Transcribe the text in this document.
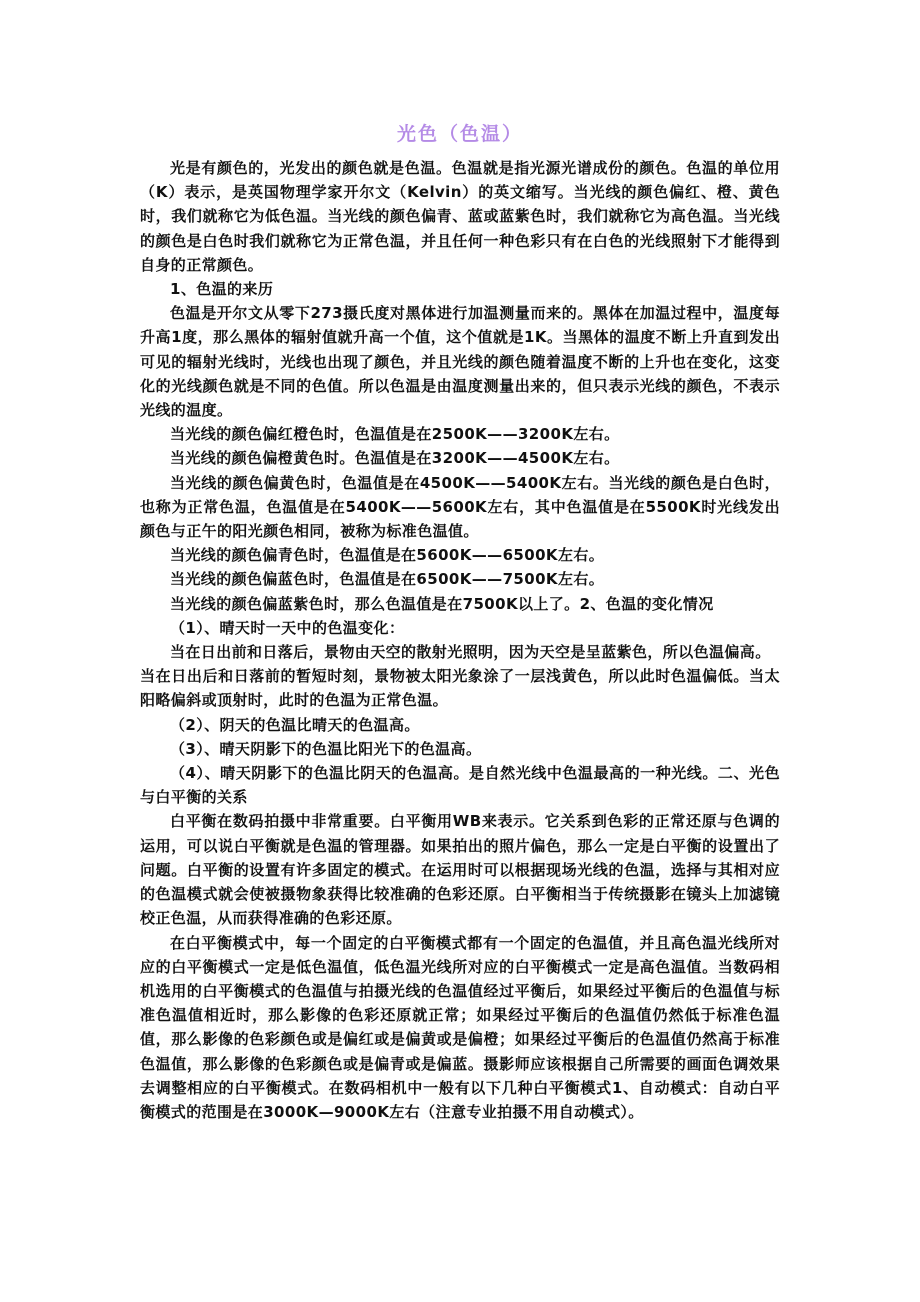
光色（色温）

光是有颜色的，光发出的颜色就是色温。色温就是指光源光谱成份的颜色。色温的单位用（K）表示，是英国物理学家开尔文（Kelvin）的英文缩写。当光线的颜色偏红、橙、黄色时，我们就称它为低色温。当光线的颜色偏青、蓝或蓝紫色时，我们就称它为高色温。当光线的颜色是白色时我们就称它为正常色温，并且任何一种色彩只有在白色的光线照射下才能得到自身的正常颜色。

1、色温的来历

色温是开尔文从零下273摄氏度对黑体进行加温测量而来的。黑体在加温过程中，温度每升高1度，那么黑体的辐射值就升高一个值，这个值就是1K。当黑体的温度不断上升直到发出可见的辐射光线时，光线也出现了颜色，并且光线的颜色随着温度不断的上升也在变化，这变化的光线颜色就是不同的色值。所以色温是由温度测量出来的，但只表示光线的颜色，不表示光线的温度。

当光线的颜色偏红橙色时，色温值是在2500K——3200K左右。

当光线的颜色偏橙黄色时。色温值是在3200K——4500K左右。

当光线的颜色偏黄色时，色温值是在4500K——5400K左右。当光线的颜色是白色时，也称为正常色温，色温值是在5400K——5600K左右，其中色温值是在5500K时光线发出颜色与正午的阳光颜色相同，被称为标准色温值。

当光线的颜色偏青色时，色温值是在5600K——6500K左右。

当光线的颜色偏蓝色时，色温值是在6500K——7500K左右。

当光线的颜色偏蓝紫色时，那么色温值是在7500K以上了。2、色温的变化情况

（1）、晴天时一天中的色温变化：

当在日出前和日落后，景物由天空的散射光照明，因为天空是呈蓝紫色，所以色温偏高。

当在日出后和日落前的暂短时刻，景物被太阳光象涂了一层浅黄色，所以此时色温偏低。当太阳略偏斜或顶射时，此时的色温为正常色温。

（2）、阴天的色温比晴天的色温高。

（3）、晴天阴影下的色温比阳光下的色温高。

（4）、晴天阴影下的色温比阴天的色温高。是自然光线中色温最高的一种光线。二、光色与白平衡的关系

白平衡在数码拍摄中非常重要。白平衡用WB来表示。它关系到色彩的正常还原与色调的运用，可以说白平衡就是色温的管理器。如果拍出的照片偏色，那么一定是白平衡的设置出了问题。白平衡的设置有许多固定的模式。在运用时可以根据现场光线的色温，选择与其相对应的色温模式就会使被摄物象获得比较准确的色彩还原。白平衡相当于传统摄影在镜头上加滤镜校正色温，从而获得准确的色彩还原。

在白平衡模式中，每一个固定的白平衡模式都有一个固定的色温值，并且高色温光线所对应的白平衡模式一定是低色温值，低色温光线所对应的白平衡模式一定是高色温值。当数码相机选用的白平衡模式的色温值与拍摄光线的色温值经过平衡后，如果经过平衡后的色温值与标准色温值相近时，那么影像的色彩还原就正常；如果经过平衡后的色温值仍然低于标准色温值，那么影像的色彩颜色或是偏红或是偏黄或是偏橙；如果经过平衡后的色温值仍然高于标准色温值，那么影像的色彩颜色或是偏青或是偏蓝。摄影师应该根据自己所需要的画面色调效果去调整相应的白平衡模式。在数码相机中一般有以下几种白平衡模式1、自动模式：自动白平衡模式的范围是在3000K—9000K左右（注意专业拍摄不用自动模式）。
